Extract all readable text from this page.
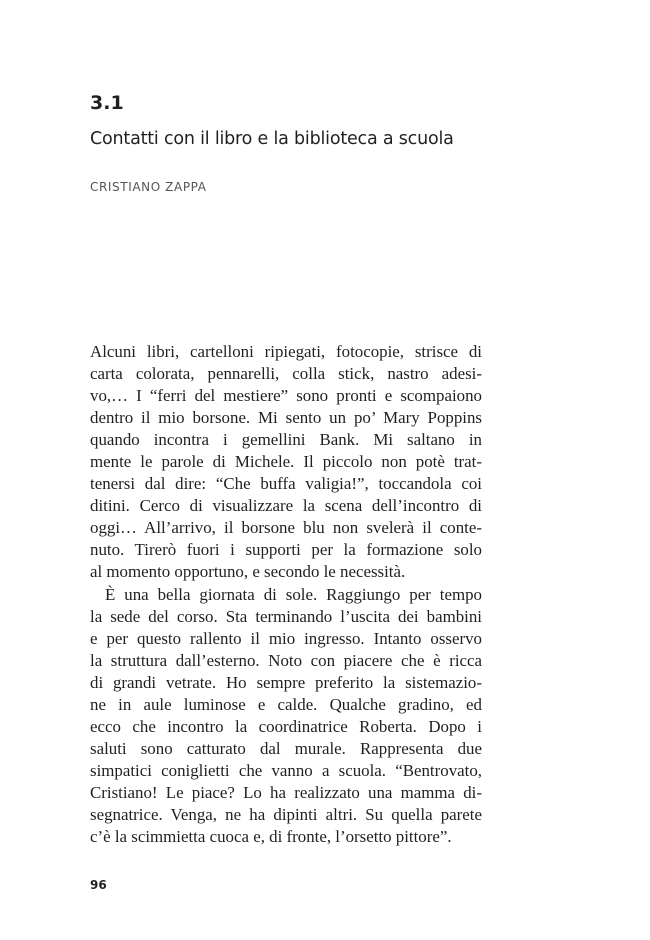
3.1
Contatti con il libro e la biblioteca a scuola
CRISTIANO ZAPPA

Alcuni libri, cartelloni ripiegati, fotocopie, strisce di
carta colorata, pennarelli, colla stick, nastro adesi-
vo,… I “ferri del mestiere” sono pronti e scompaiono
dentro il mio borsone. Mi sento un po’ Mary Poppins
quando incontra i gemellini Bank. Mi saltano in
mente le parole di Michele. Il piccolo non potè trat-
tenersi dal dire: “Che buffa valigia!”, toccandola coi
ditini. Cerco di visualizzare la scena dell’incontro di
oggi… All’arrivo, il borsone blu non svelerà il conte-
nuto. Tirerò fuori i supporti per la formazione solo
al momento opportuno, e secondo le necessità.

È una bella giornata di sole. Raggiungo per tempo
la sede del corso. Sta terminando l’uscita dei bambini
e per questo rallento il mio ingresso. Intanto osservo
la struttura dall’esterno. Noto con piacere che è ricca
di grandi vetrate. Ho sempre preferito la sistemazio-
ne in aule luminose e calde. Qualche gradino, ed
ecco che incontro la coordinatrice Roberta. Dopo i
saluti sono catturato dal murale. Rappresenta due
simpatici coniglietti che vanno a scuola. “Bentrovato,
Cristiano! Le piace? Lo ha realizzato una mamma di-
segnatrice. Venga, ne ha dipinti altri. Su quella parete
c’è la scimmietta cuoca e, di fronte, l’orsetto pittore”.

96
